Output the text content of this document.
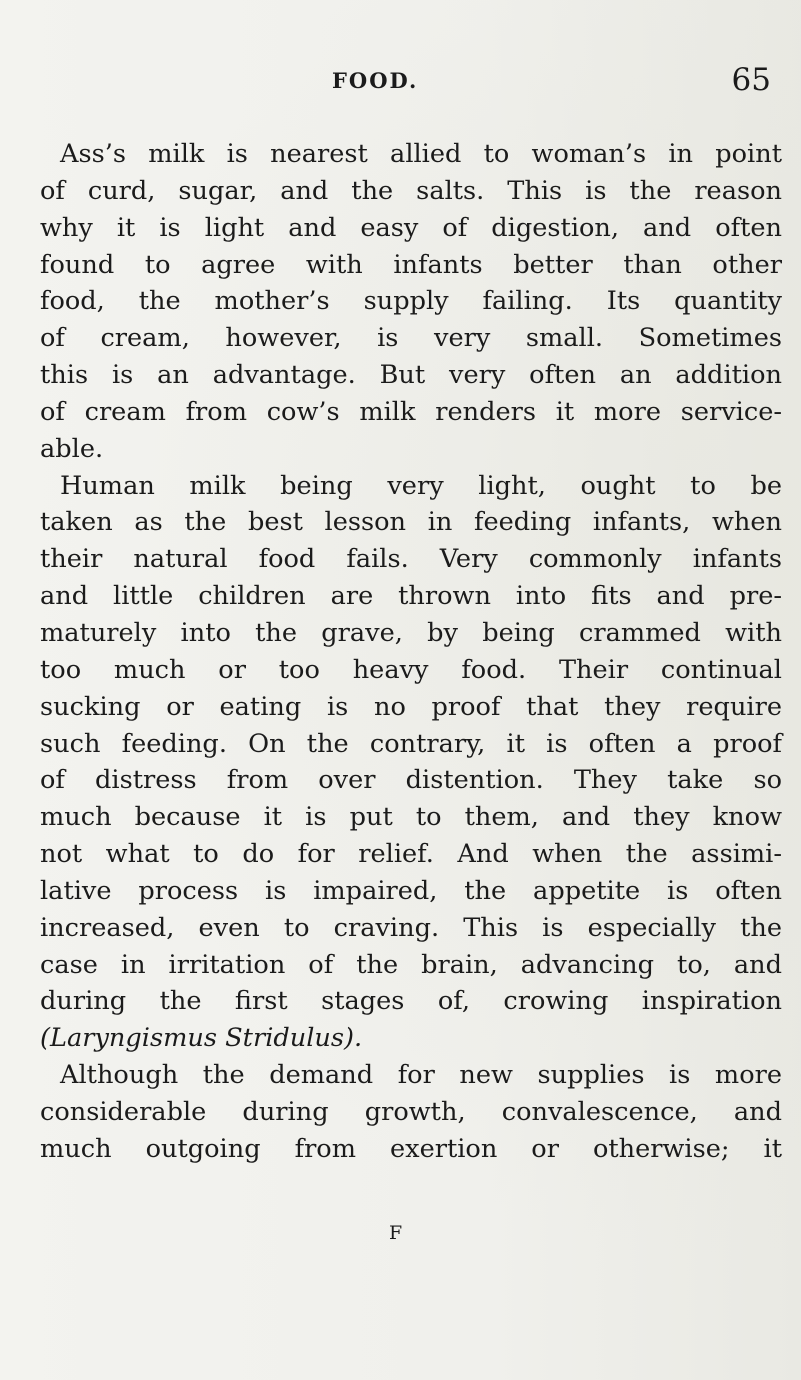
FOOD.	65

Ass’s milk is nearest allied to woman’s in point
of curd, sugar, and the salts. This is the reason
why it is light and easy of digestion, and often
found to agree with infants better than other
food, the mother’s supply failing. Its quantity
of cream, however, is very small. Sometimes
this is an advantage. But very often an addition
of cream from cow’s milk renders it more service-
able.

Human milk being very light, ought to be
taken as the best lesson in feeding infants, when
their natural food fails. Very commonly infants
and little children are thrown into fits and pre-
maturely into the grave, by being crammed with
too much or too heavy food. Their continual
sucking or eating is no proof that they require
such feeding. On the contrary, it is often a proof
of distress from over distention. They take so
much because it is put to them, and they know
not what to do for relief. And when the assimi-
lative process is impaired, the appetite is often
increased, even to craving. This is especially the
case in irritation of the brain, advancing to, and
during the first stages of, crowing inspiration
(Laryngismus Stridulus).

Although the demand for new supplies is more
considerable during growth, convalescence, and
much outgoing from exertion or otherwise; it

F
